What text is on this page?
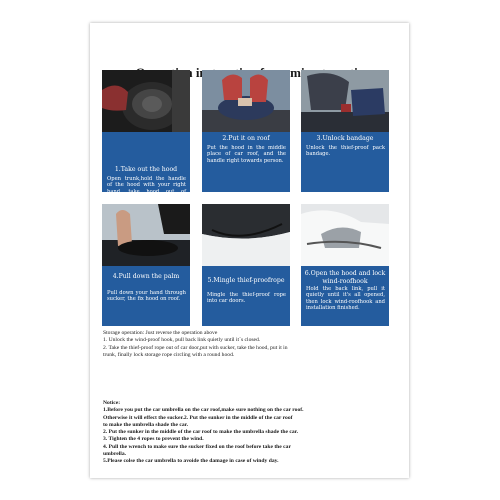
semi
1.Take out the hood
Open trunk,hold the handle of the hood with your right hand, take hood out of trunk,then close the trunk.
2.Put it on roof
Put the hood in the middle place of car roof, and the handle right towards person.
3.Unlock bandage
Unlock the thief-proof pack bandage.
4.Pull down the palm
Pull down your hand through sucker, the fix hood on roof.
5.Mingle thief-proofrope
Mingle the thief-proof rope into car doors.
6.Open the hood and lock wind-roofhook
Hold the back link, pull it quietly until it's all opened, then lock wind-roofhook and installation finished.
Storage operation: Just reverse the operation above
1. Unlock the wind-proof hook, pull back link quietly until it`s closed.
2. Take the thief-proof rope out of car door,put with sucker, take the hood, put it in
trunk, finally lock storage rope circling with a round hood.
Notice:
1.Before you put the car umbrella on the car roof,make sure nothing on the car roof.
Otherwise it will effect the sucker.2. Put the sunker in the middle of the car roof
to make the umbrella shade the car.
2. Put the sunker in the middle of the car roof to make the umbrella shade the car.
3. Tighten the 4 ropes to prevent the wind.
4. Pull the wrench to make sure the sucker fixed on the roof before take the car
umbrella.
5.Please colse the car umbrella to avoide the damage in case of windy day.
